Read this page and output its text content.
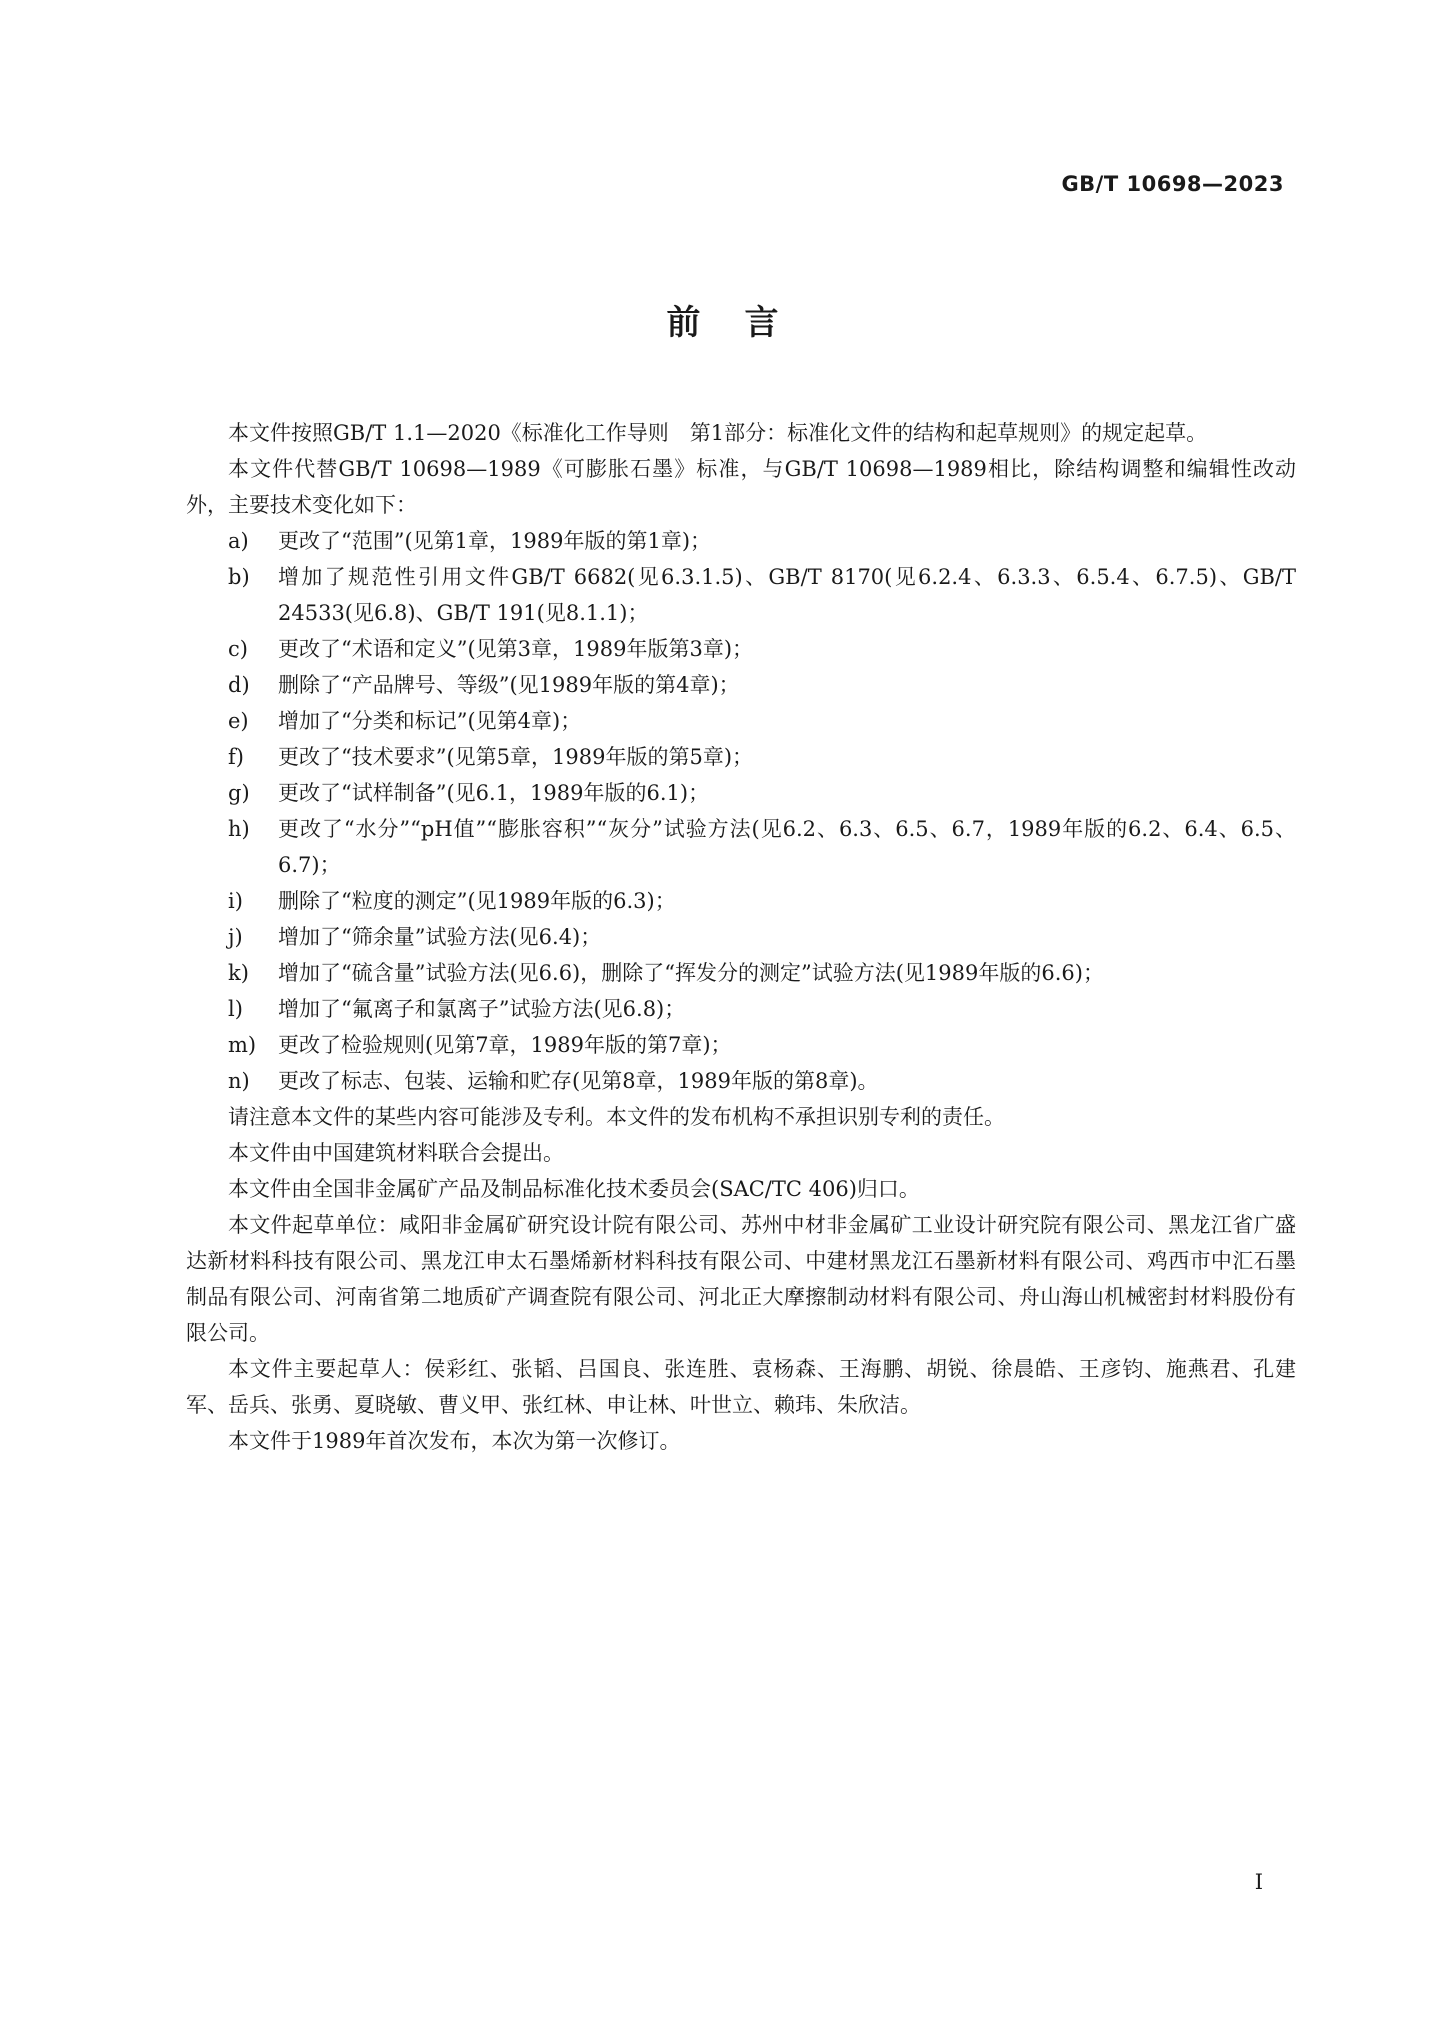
GB/T 10698—2023
前言

本文件按照GB/T 1.1—2020《标准化工作导则　第1部分：标准化文件的结构和起草规则》的规定起草。

本文件代替GB/T 10698—1989《可膨胀石墨》标准，与GB/T 10698—1989相比，除结构调整和编辑性改动外，主要技术变化如下：

a)	更改了“范围”(见第1章，1989年版的第1章)；
b)	增加了规范性引用文件GB/T 6682(见6.3.1.5)、GB/T 8170(见6.2.4、6.3.3、6.5.4、6.7.5)、GB/T 24533(见6.8)、GB/T 191(见8.1.1)；
c)	更改了“术语和定义”(见第3章，1989年版第3章)；
d)	删除了“产品牌号、等级”(见1989年版的第4章)；
e)	增加了“分类和标记”(见第4章)；
f)	更改了“技术要求”(见第5章，1989年版的第5章)；
g)	更改了“试样制备”(见6.1，1989年版的6.1)；
h)	更改了“水分”“pH值”“膨胀容积”“灰分”试验方法(见6.2、6.3、6.5、6.7，1989年版的6.2、6.4、6.5、6.7)；
i)	删除了“粒度的测定”(见1989年版的6.3)；
j)	增加了“筛余量”试验方法(见6.4)；
k)	增加了“硫含量”试验方法(见6.6)，删除了“挥发分的测定”试验方法(见1989年版的6.6)；
l)	增加了“氟离子和氯离子”试验方法(见6.8)；
m)	更改了检验规则(见第7章，1989年版的第7章)；
n)	更改了标志、包装、运输和贮存(见第8章，1989年版的第8章)。

请注意本文件的某些内容可能涉及专利。本文件的发布机构不承担识别专利的责任。

本文件由中国建筑材料联合会提出。

本文件由全国非金属矿产品及制品标准化技术委员会(SAC/TC 406)归口。

本文件起草单位：咸阳非金属矿研究设计院有限公司、苏州中材非金属矿工业设计研究院有限公司、黑龙江省广盛达新材料科技有限公司、黑龙江申太石墨烯新材料科技有限公司、中建材黑龙江石墨新材料有限公司、鸡西市中汇石墨制品有限公司、河南省第二地质矿产调查院有限公司、河北正大摩擦制动材料有限公司、舟山海山机械密封材料股份有限公司。

本文件主要起草人：侯彩红、张韬、吕国良、张连胜、袁杨森、王海鹏、胡锐、徐晨皓、王彦钧、施燕君、孔建军、岳兵、张勇、夏晓敏、曹义甲、张红林、申让林、叶世立、赖玮、朱欣洁。

本文件于1989年首次发布，本次为第一次修订。

I
